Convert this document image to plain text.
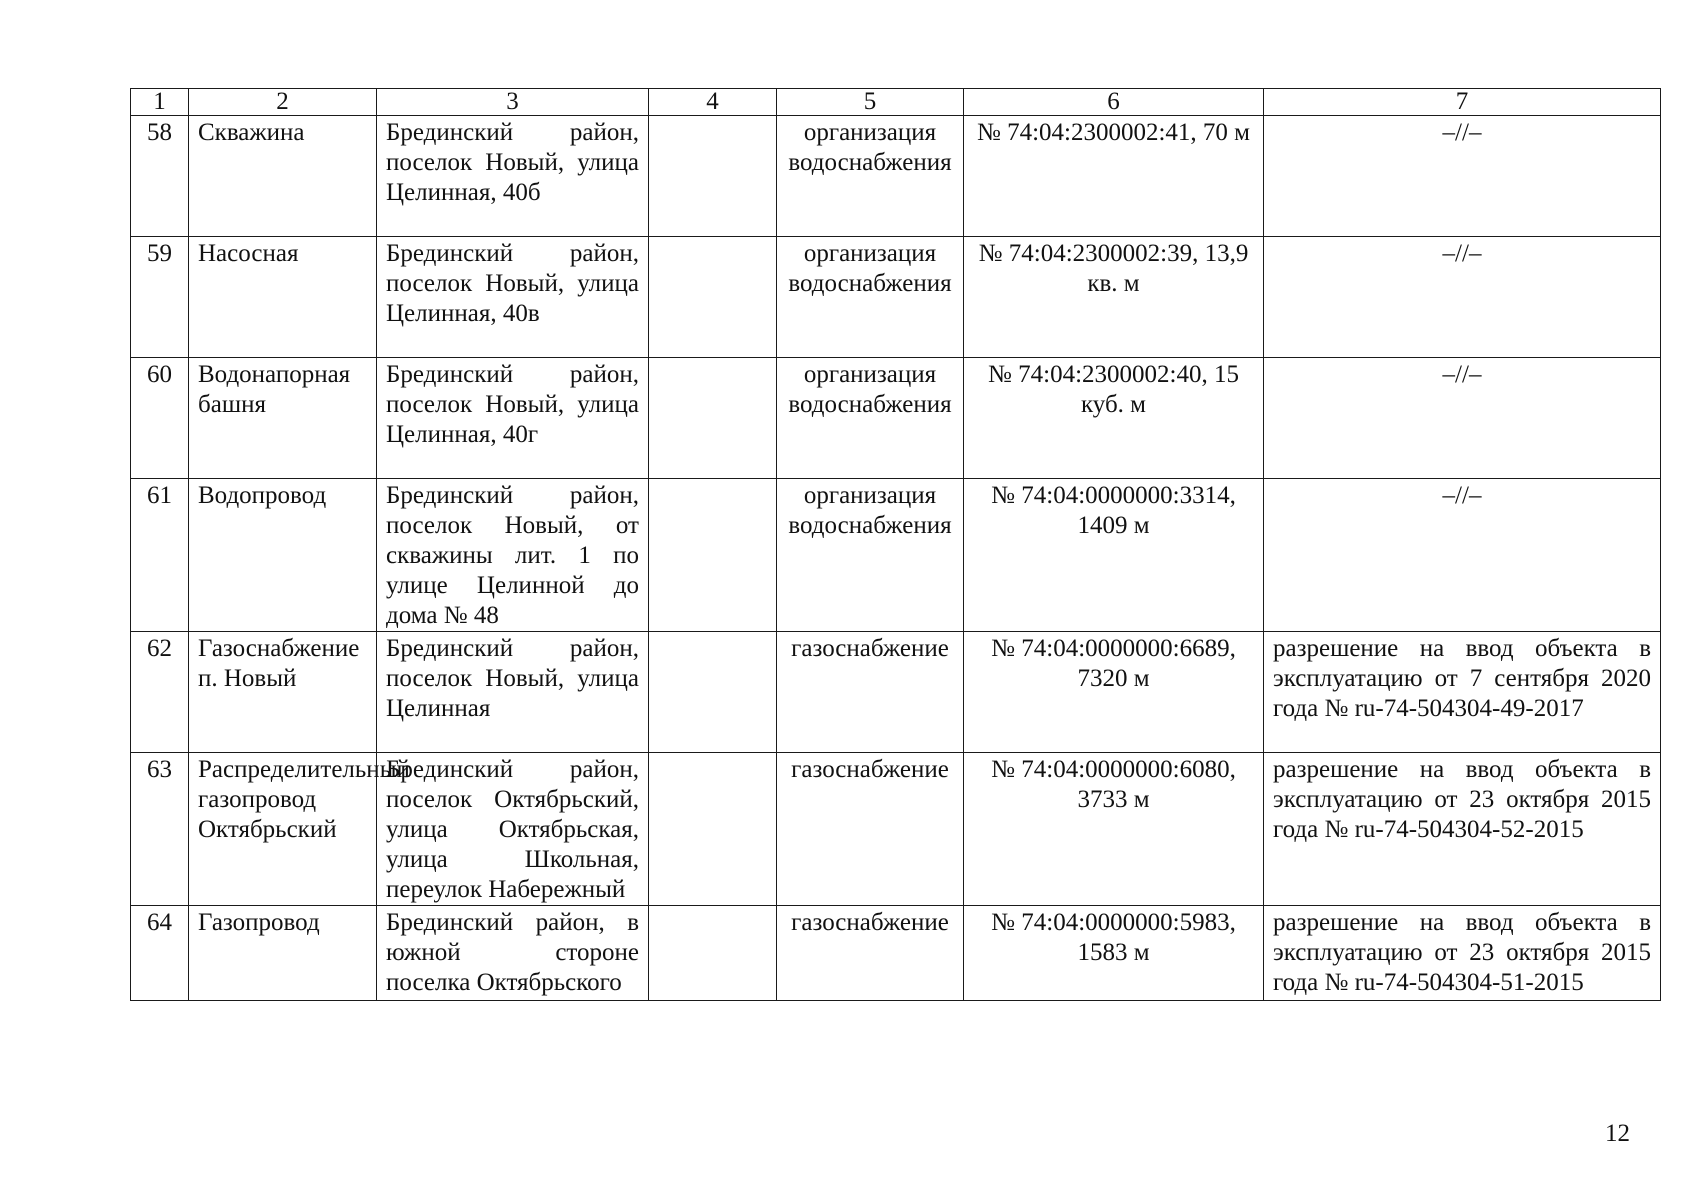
1	2	3	4	5	6	7
58	Скважина	Брединский район, поселок Новый, улица Целинная, 40б		организация водоснабжения	№ 74:04:2300002:41, 70 м	–//–
59	Насосная	Брединский район, поселок Новый, улица Целинная, 40в		организация водоснабжения	№ 74:04:2300002:39, 13,9 кв. м	–//–
60	Водонапорная башня	Брединский район, поселок Новый, улица Целинная, 40г		организация водоснабжения	№ 74:04:2300002:40, 15 куб. м	–//–
61	Водопровод	Брединский район, поселок Новый, от скважины лит. 1 по улице Целинной до дома № 48		организация водоснабжения	№ 74:04:0000000:3314, 1409 м	–//–
62	Газоснабжение п. Новый	Брединский район, поселок Новый, улица Целинная		газоснабжение	№ 74:04:0000000:6689, 7320 м	разрешение на ввод объекта в эксплуатацию от 7 сентября 2020 года № ru-74-504304-49-2017
63	Распределительный газопровод Октябрьский	Брединский район, поселок Октябрьский, улица Октябрьская, улица Школьная, переулок Набережный		газоснабжение	№ 74:04:0000000:6080, 3733 м	разрешение на ввод объекта в эксплуатацию от 23 октября 2015 года № ru-74-504304-52-2015
64	Газопровод	Брединский район, в южной стороне поселка Октябрьского		газоснабжение	№ 74:04:0000000:5983, 1583 м	разрешение на ввод объекта в эксплуатацию от 23 октября 2015 года № ru-74-504304-51-2015
12
